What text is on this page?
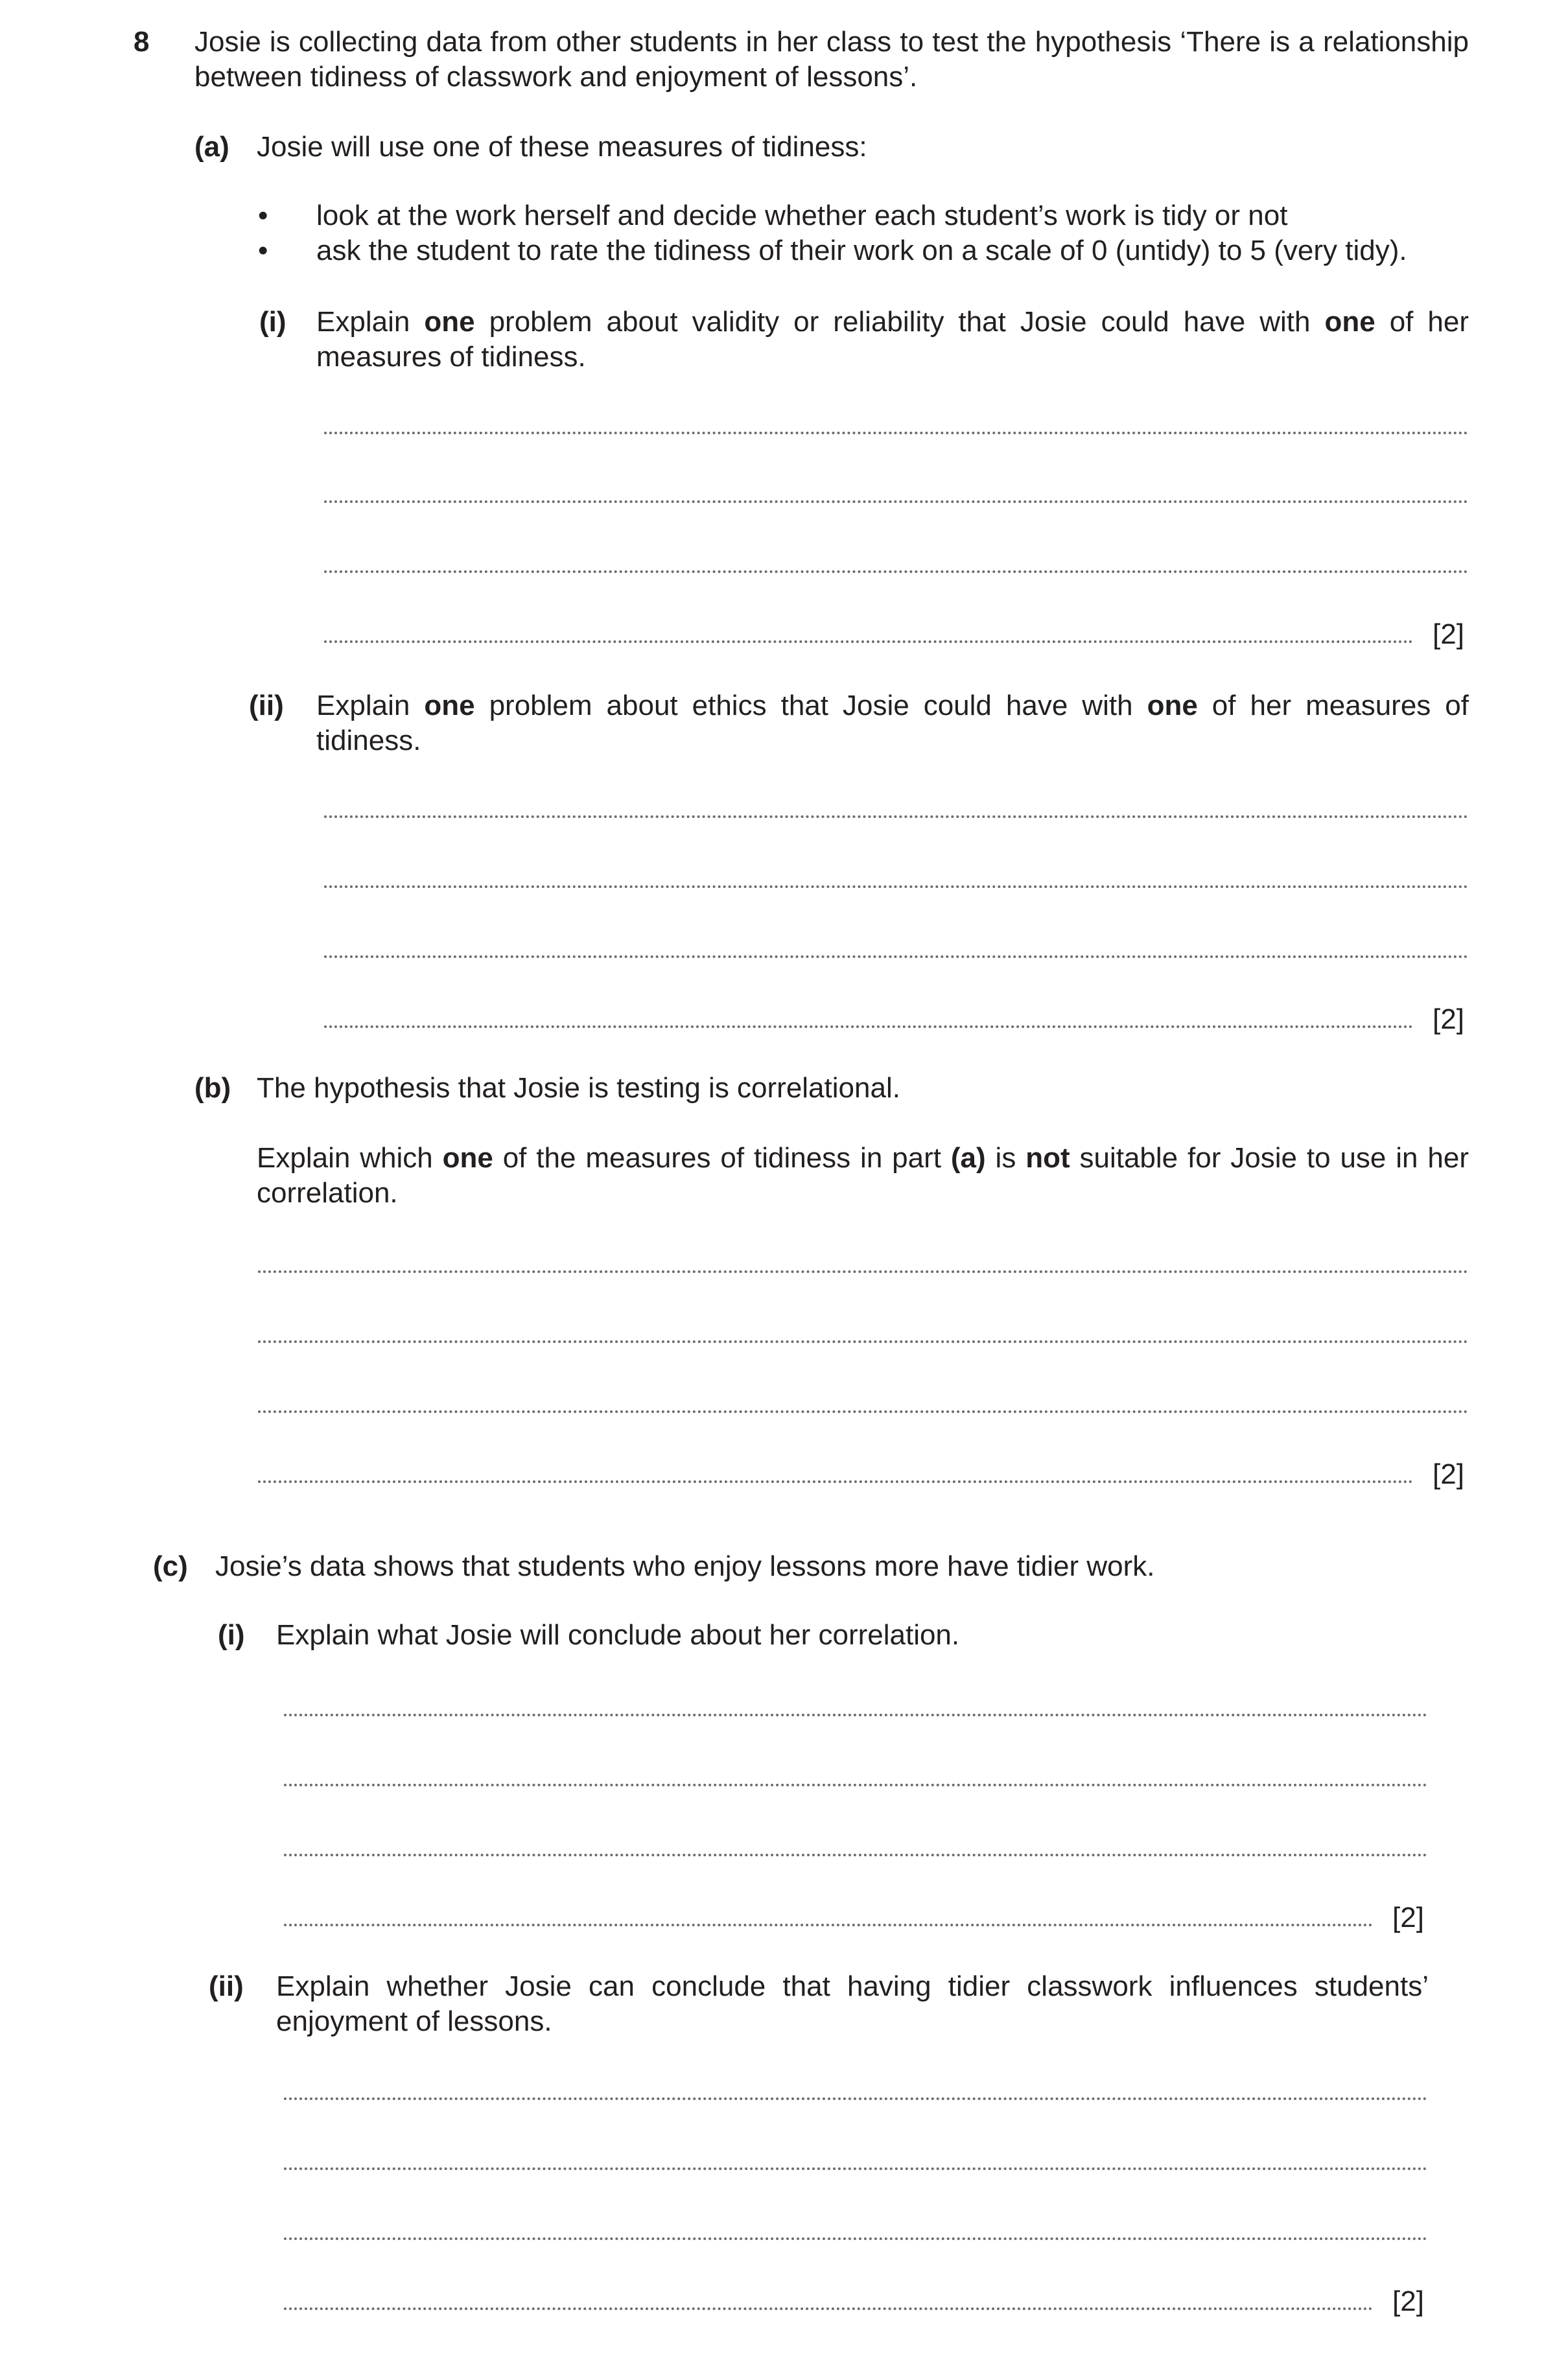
8 Josie is collecting data from other students in her class to test the hypothesis ‘There is a relationship between tidiness of classwork and enjoyment of lessons’.
(a) Josie will use one of these measures of tidiness:
• look at the work herself and decide whether each student’s work is tidy or not
• ask the student to rate the tidiness of their work on a scale of 0 (untidy) to 5 (very tidy).
(i) Explain one problem about validity or reliability that Josie could have with one of her measures of tidiness.
[2]
(ii) Explain one problem about ethics that Josie could have with one of her measures of tidiness.
[2]
(b) The hypothesis that Josie is testing is correlational.
Explain which one of the measures of tidiness in part (a) is not suitable for Josie to use in her correlation.
[2]
(c) Josie’s data shows that students who enjoy lessons more have tidier work.
(i) Explain what Josie will conclude about her correlation.
[2]
(ii) Explain whether Josie can conclude that having tidier classwork influences students’ enjoyment of lessons.
[2]
